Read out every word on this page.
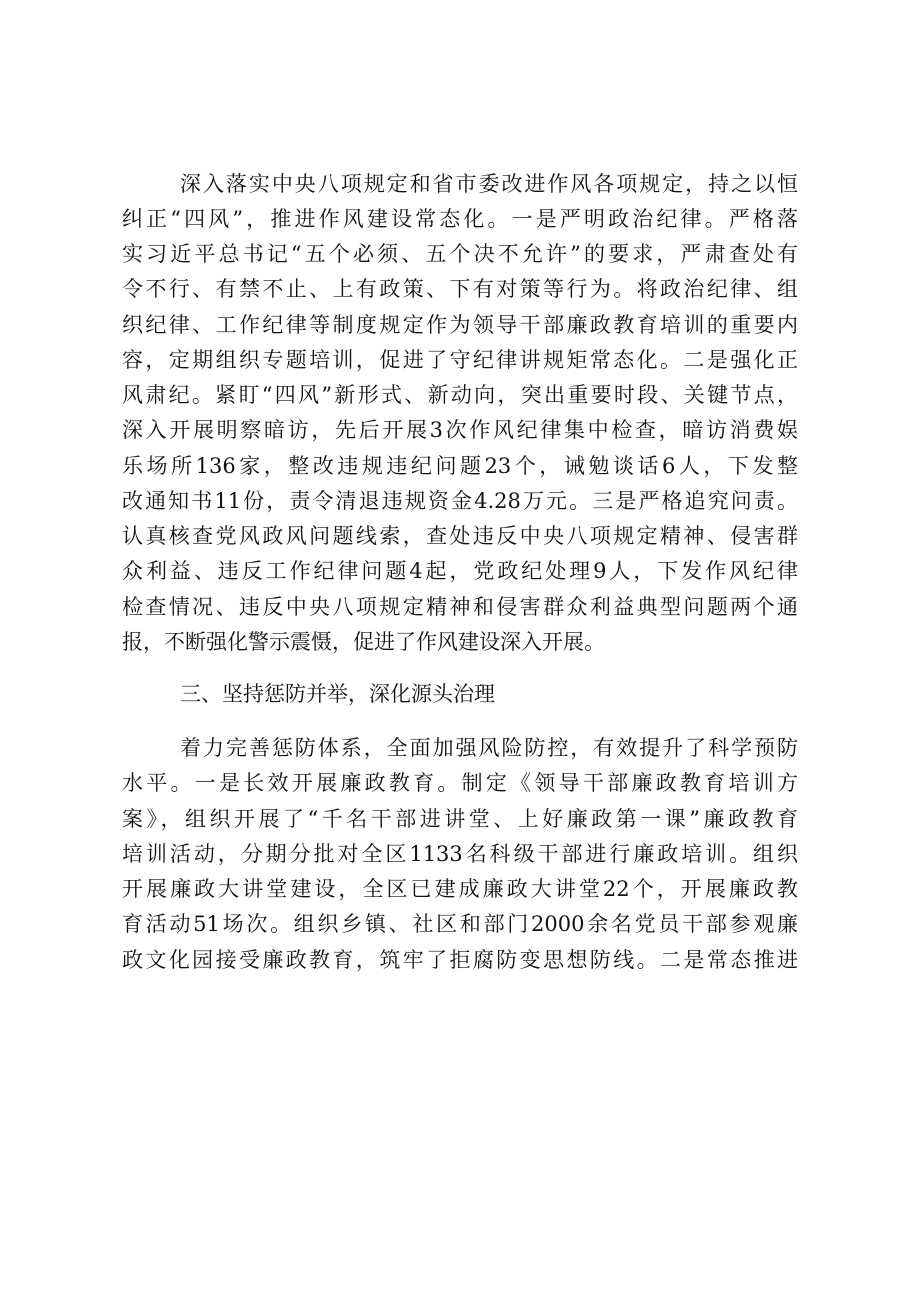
深入落实中央八项规定和省市委改进作风各项规定，持之以恒
纠正“四风”，推进作风建设常态化。一是严明政治纪律。严格落
实习近平总书记“五个必须、五个决不允许”的要求，严肃查处有
令不行、有禁不止、上有政策、下有对策等行为。将政治纪律、组
织纪律、工作纪律等制度规定作为领导干部廉政教育培训的重要内
容，定期组织专题培训，促进了守纪律讲规矩常态化。二是强化正
风肃纪。紧盯“四风”新形式、新动向，突出重要时段、关键节点，
深入开展明察暗访，先后开展3次作风纪律集中检查，暗访消费娱
乐场所136家，整改违规违纪问题23个，诫勉谈话6人，下发整
改通知书11份，责令清退违规资金4.28万元。三是严格追究问责。
认真核查党风政风问题线索，查处违反中央八项规定精神、侵害群
众利益、违反工作纪律问题4起，党政纪处理9人，下发作风纪律
检查情况、违反中央八项规定精神和侵害群众利益典型问题两个通
报，不断强化警示震慑，促进了作风建设深入开展。
三、坚持惩防并举，深化源头治理
着力完善惩防体系，全面加强风险防控，有效提升了科学预防
水平。一是长效开展廉政教育。制定《领导干部廉政教育培训方
案》，组织开展了“千名干部进讲堂、上好廉政第一课”廉政教育
培训活动，分期分批对全区1133名科级干部进行廉政培训。组织
开展廉政大讲堂建设，全区已建成廉政大讲堂22个，开展廉政教
育活动51场次。组织乡镇、社区和部门2000余名党员干部参观廉
政文化园接受廉政教育，筑牢了拒腐防变思想防线。二是常态推进
